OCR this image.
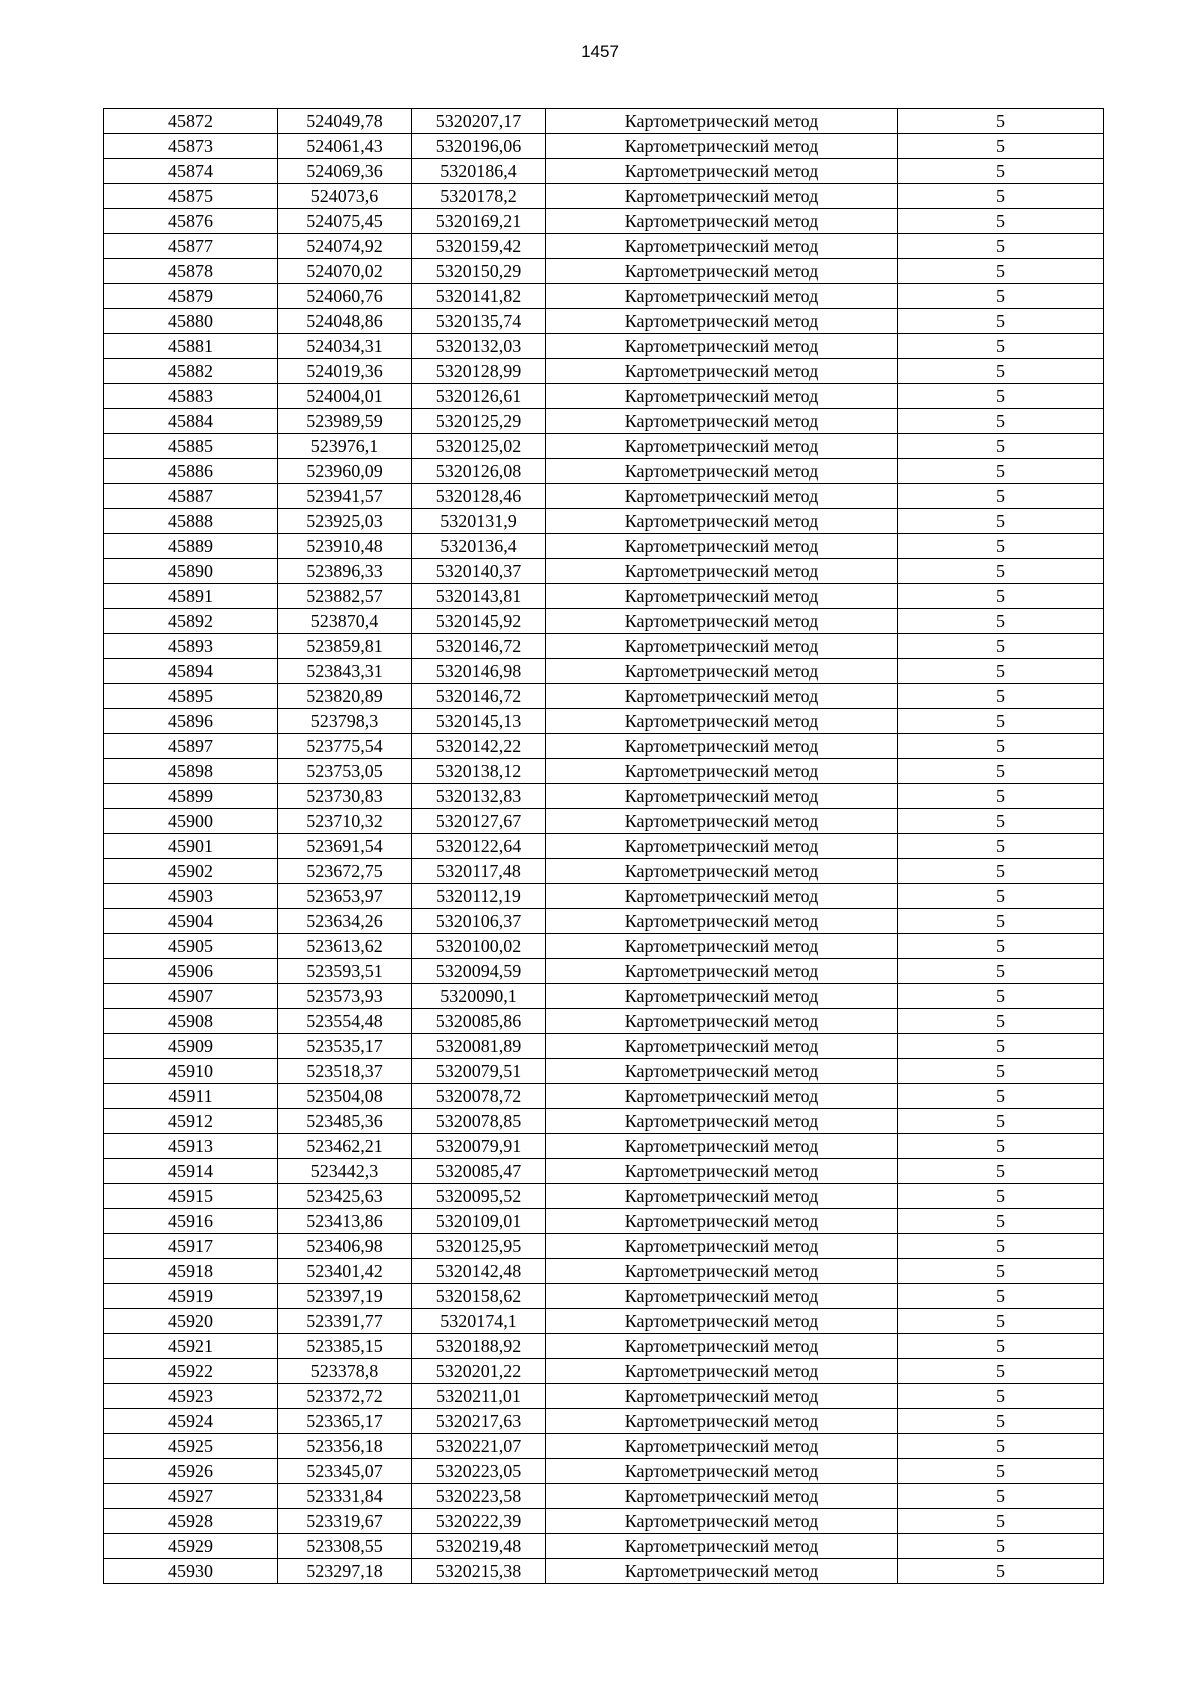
1457
45872	524049,78	5320207,17	Картометрический метод	5
45873	524061,43	5320196,06	Картометрический метод	5
45874	524069,36	5320186,4	Картометрический метод	5
45875	524073,6	5320178,2	Картометрический метод	5
45876	524075,45	5320169,21	Картометрический метод	5
45877	524074,92	5320159,42	Картометрический метод	5
45878	524070,02	5320150,29	Картометрический метод	5
45879	524060,76	5320141,82	Картометрический метод	5
45880	524048,86	5320135,74	Картометрический метод	5
45881	524034,31	5320132,03	Картометрический метод	5
45882	524019,36	5320128,99	Картометрический метод	5
45883	524004,01	5320126,61	Картометрический метод	5
45884	523989,59	5320125,29	Картометрический метод	5
45885	523976,1	5320125,02	Картометрический метод	5
45886	523960,09	5320126,08	Картометрический метод	5
45887	523941,57	5320128,46	Картометрический метод	5
45888	523925,03	5320131,9	Картометрический метод	5
45889	523910,48	5320136,4	Картометрический метод	5
45890	523896,33	5320140,37	Картометрический метод	5
45891	523882,57	5320143,81	Картометрический метод	5
45892	523870,4	5320145,92	Картометрический метод	5
45893	523859,81	5320146,72	Картометрический метод	5
45894	523843,31	5320146,98	Картометрический метод	5
45895	523820,89	5320146,72	Картометрический метод	5
45896	523798,3	5320145,13	Картометрический метод	5
45897	523775,54	5320142,22	Картометрический метод	5
45898	523753,05	5320138,12	Картометрический метод	5
45899	523730,83	5320132,83	Картометрический метод	5
45900	523710,32	5320127,67	Картометрический метод	5
45901	523691,54	5320122,64	Картометрический метод	5
45902	523672,75	5320117,48	Картометрический метод	5
45903	523653,97	5320112,19	Картометрический метод	5
45904	523634,26	5320106,37	Картометрический метод	5
45905	523613,62	5320100,02	Картометрический метод	5
45906	523593,51	5320094,59	Картометрический метод	5
45907	523573,93	5320090,1	Картометрический метод	5
45908	523554,48	5320085,86	Картометрический метод	5
45909	523535,17	5320081,89	Картометрический метод	5
45910	523518,37	5320079,51	Картометрический метод	5
45911	523504,08	5320078,72	Картометрический метод	5
45912	523485,36	5320078,85	Картометрический метод	5
45913	523462,21	5320079,91	Картометрический метод	5
45914	523442,3	5320085,47	Картометрический метод	5
45915	523425,63	5320095,52	Картометрический метод	5
45916	523413,86	5320109,01	Картометрический метод	5
45917	523406,98	5320125,95	Картометрический метод	5
45918	523401,42	5320142,48	Картометрический метод	5
45919	523397,19	5320158,62	Картометрический метод	5
45920	523391,77	5320174,1	Картометрический метод	5
45921	523385,15	5320188,92	Картометрический метод	5
45922	523378,8	5320201,22	Картометрический метод	5
45923	523372,72	5320211,01	Картометрический метод	5
45924	523365,17	5320217,63	Картометрический метод	5
45925	523356,18	5320221,07	Картометрический метод	5
45926	523345,07	5320223,05	Картометрический метод	5
45927	523331,84	5320223,58	Картометрический метод	5
45928	523319,67	5320222,39	Картометрический метод	5
45929	523308,55	5320219,48	Картометрический метод	5
45930	523297,18	5320215,38	Картометрический метод	5
